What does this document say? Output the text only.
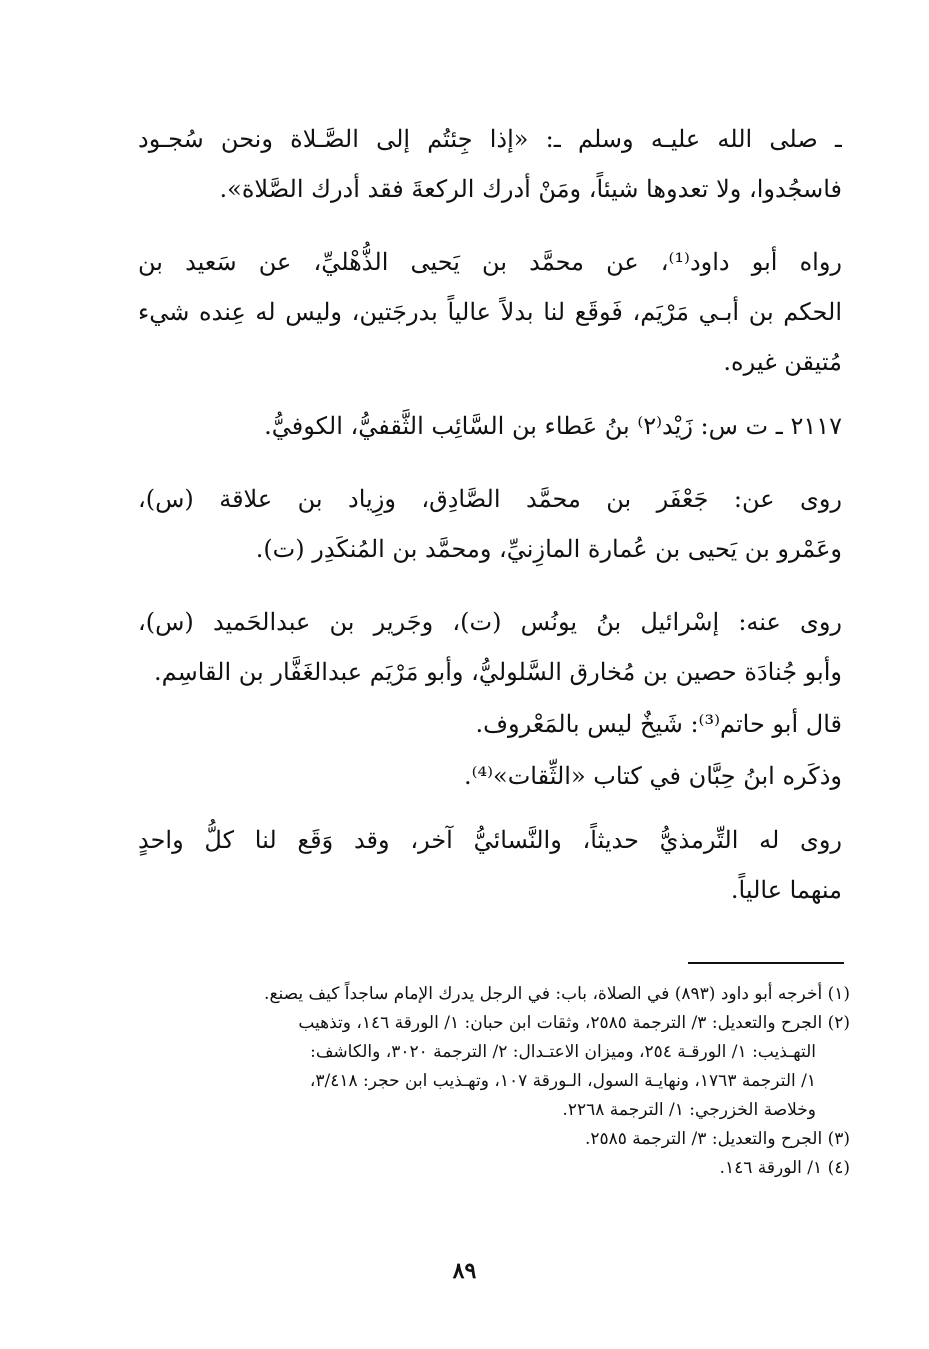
ـ صلى الله عليـه وسلم ـ: «إذا جِئتُم إلى الصَّـلاة ونحن سُجـود
فاسجُدوا، ولا تعدوها شيئاً، ومَنْ أدرك الركعةَ فقد أدرك الصَّلاة».
رواه أبو داود⁽¹⁾، عن محمَّد بن يَحيى الذُّهْليِّ، عن سَعيد بن
الحكم بن أبـي مَرْيَم، فَوقَع لنا بدلاً عالياً بدرجَتين، وليس له عِنده شيء
مُتيقن غيره.
٢١١٧ ـ ت س: زَيْد⁽٢⁾ بنُ عَطاء بن السَّائِب الثَّقفيُّ، الكوفيُّ.
روى عن: جَعْفَر بن محمَّد الصَّادِق، وزِياد بن علاقة (س)،
وعَمْرو بن يَحيى بن عُمارة المازِنيِّ، ومحمَّد بن المُنكَدِر (ت).
روى عنه: إسْرائيل بنُ يونُس (ت)، وجَرير بن عبدالحَميد (س)،
وأبو جُنادَة حصين بن مُخارق السَّلوليُّ، وأبو مَرْيَم عبدالغَفَّار بن القاسِم.
قال أبو حاتم⁽³⁾: شَيخٌ ليس بالمَعْروف.
وذكَره ابنُ حِبَّان في كتاب «الثِّقات»⁽⁴⁾.
روى له التِّرمذيُّ حديثاً، والنَّسائيُّ آخر، وقد وَقَع لنا كلُّ واحدٍ
منهما عالياً.
(١) أخرجه أبو داود (٨٩٣) في الصلاة، باب: في الرجل يدرك الإمام ساجداً كيف يصنع.
(٢) الجرح والتعديل: ٣/ الترجمة ٢٥٨٥، وثقات ابن حبان: ١/ الورقة ١٤٦، وتذهيب
التهـذيب: ١/ الورقـة ٢٥٤، وميزان الاعتـدال: ٢/ الترجمة ٣٠٢٠، والكاشف:
١/ الترجمة ١٧٦٣، ونهايـة السول، الـورقة ١٠٧، وتهـذيب ابن حجر: ٣/٤١٨،
وخلاصة الخزرجي: ١/ الترجمة ٢٢٦٨.
(٣) الجرح والتعديل: ٣/ الترجمة ٢٥٨٥.
(٤) ١/ الورقة ١٤٦.
٨٩
